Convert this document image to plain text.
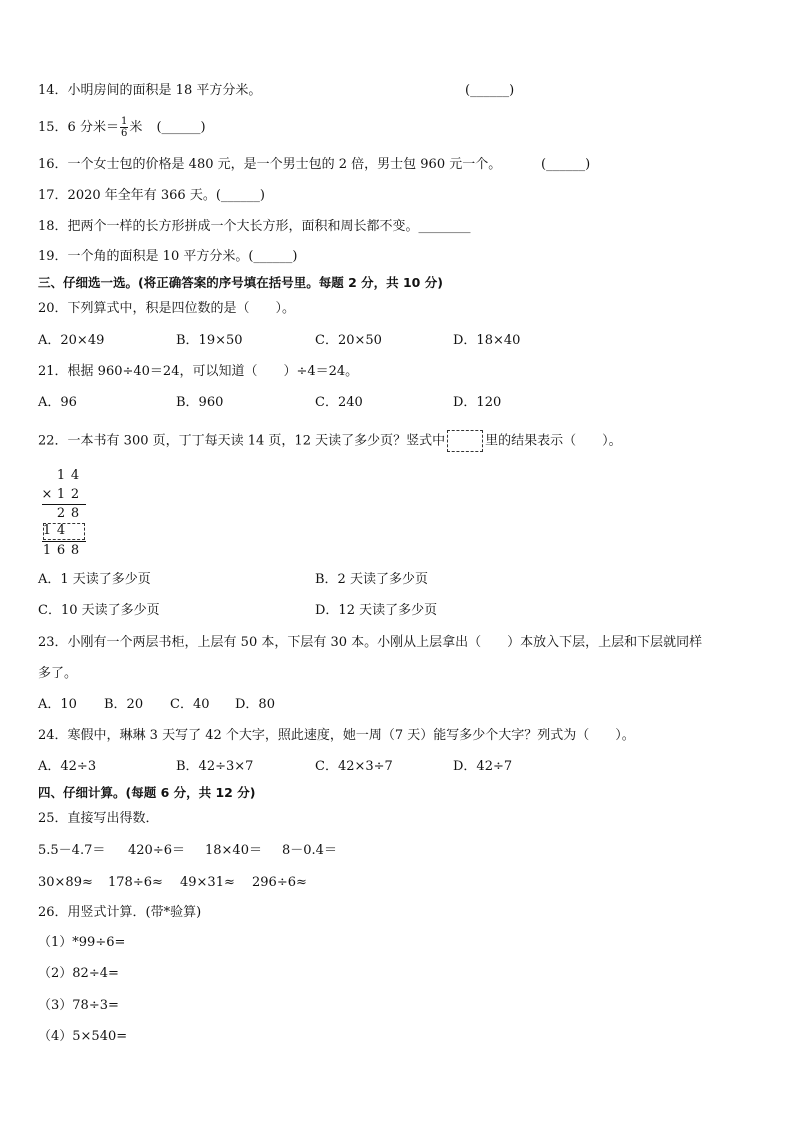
14．小明房间的面积是 18 平方分米。	(______)
15．6 分米＝ $\frac{1}{6}$ 米 (______)
16．一个女士包的价格是 480 元，是一个男士包的 2 倍，男士包 960 元一个。	(______)
17．2020 年全年有 366 天。(______)
18．把两个一样的长方形拼成一个大长方形，面积和周长都不变。________
19．一个角的面积是 10 平方分米。(______)
三、仔细选一选。(将正确答案的序号填在括号里。每题 2 分，共 10 分)
20．下列算式中，积是四位数的是（　　）。
A．20×49	B．19×50	C．20×50	D．18×40
21．根据 960÷40＝24，可以知道（　　）÷4＝24。
A．96	B．960	C．240	D．120
22．一本书有 300 页，丁丁每天读 14 页，12 天读了多少页？竖式中	里的结果表示（　　）。
1 4
× 1 2
2 8
1 4
1 6 8
A．1 天读了多少页	B．2 天读了多少页
C．10 天读了多少页	D．12 天读了多少页
23．小刚有一个两层书柜，上层有 50 本，下层有 30 本。小刚从上层拿出（　　）本放入下层，上层和下层就同样
多了。
A．10 B．20 C．40 D．80
24．寒假中，琳琳 3 天写了 42 个大字，照此速度，她一周（7 天）能写多少个大字？列式为（　　）。
A．42÷3	B．42÷3×7	C．42×3÷7	D．42÷7
四、仔细计算。(每题 6 分，共 12 分)
25．直接写出得数．
5.5－4.7＝ 420÷6＝ 18×40＝ 8－0.4＝
30×89≈ 178÷6≈ 49×31≈ 296÷6≈
26．用竖式计算．(带*验算)
（1）*99÷6=
（2）82÷4=
（3）78÷3=
（4）5×540=
